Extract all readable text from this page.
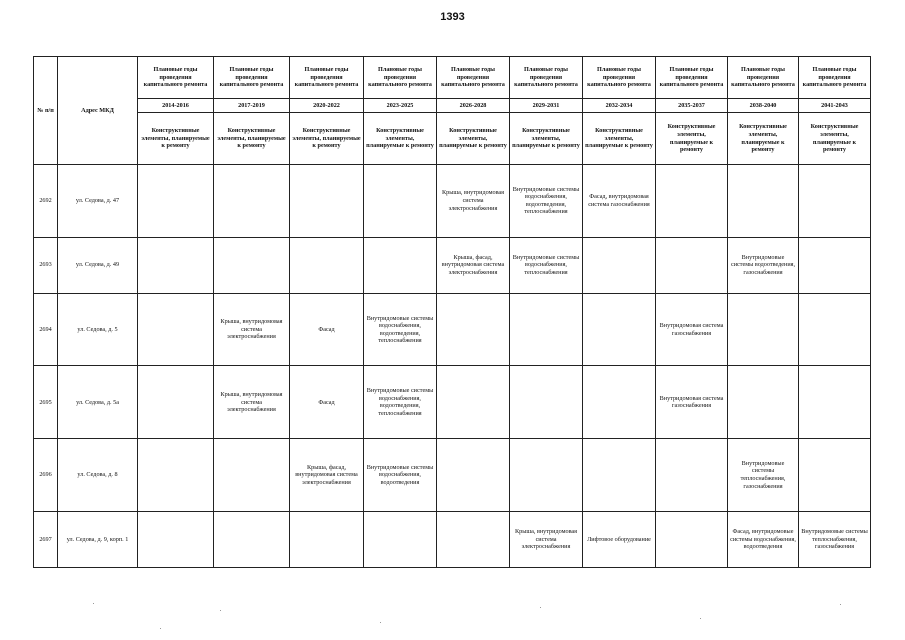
1393
№ п/п	Адрес МКД	Плановые годы проведения капитального ремонта	Плановые годы проведения капитального ремонта	Плановые годы проведения капитального ремонта	Плановые годы проведения капитального ремонта	Плановые годы проведения капитального ремонта	Плановые годы проведения капитального ремонта	Плановые годы проведения капитального ремонта	Плановые годы проведения капитального ремонта	Плановые годы проведения капитального ремонта	Плановые годы проведения капитального ремонта
		2014-2016	2017-2019	2020-2022	2023-2025	2026-2028	2029-2031	2032-2034	2035-2037	2038-2040	2041-2043
		Конструктивные элементы, планируемые к ремонту	Конструктивные элементы, планируемые к ремонту	Конструктивные элементы, планируемые к ремонту	Конструктивные элементы, планируемые к ремонту	Конструктивные элементы, планируемые к ремонту	Конструктивные элементы, планируемые к ремонту	Конструктивные элементы, планируемые к ремонту	Конструктивные элементы, планируемые к ремонту	Конструктивные элементы, планируемые к ремонту	Конструктивные элементы, планируемые к ремонту
2692	ул. Седова, д. 47					Крыша, внутридомовая система электроснабжения	Внутридомовые системы водоснабжения, водоотведения, теплоснабжения	Фасад, внутридомовая система газоснабжения			
2693	ул. Седова, д. 49					Крыша, фасад, внутридомовая система электроснабжения	Внутридомовые системы водоснабжения, теплоснабжения			Внутридомовые системы водоотведения, газоснабжения	
2694	ул. Седова, д. 5		Крыша, внутридомовая система электроснабжения	Фасад	Внутридомовые системы водоснабжения, водоотведения, теплоснабжения				Внутридомовая система газоснабжения		
2695	ул. Седова, д. 5а		Крыша, внутридомовая система электроснабжения	Фасад	Внутридомовые системы водоснабжения, водоотведения, теплоснабжения				Внутридомовая система газоснабжения		
2696	ул. Седова, д. 8			Крыша, фасад, внутридомовая система электроснабжения	Внутридомовые системы водоснабжения, водоотведения					Внутридомовые системы теплоснабжения, газоснабжения	
2697	ул. Седова, д. 9, корп. 1						Крыша, внутридомовая система электроснабжения	Лифтовое оборудование		Фасад, внутридомовые системы водоснабжения, водоотведения	Внутридомовые системы теплоснабжения, газоснабжения
